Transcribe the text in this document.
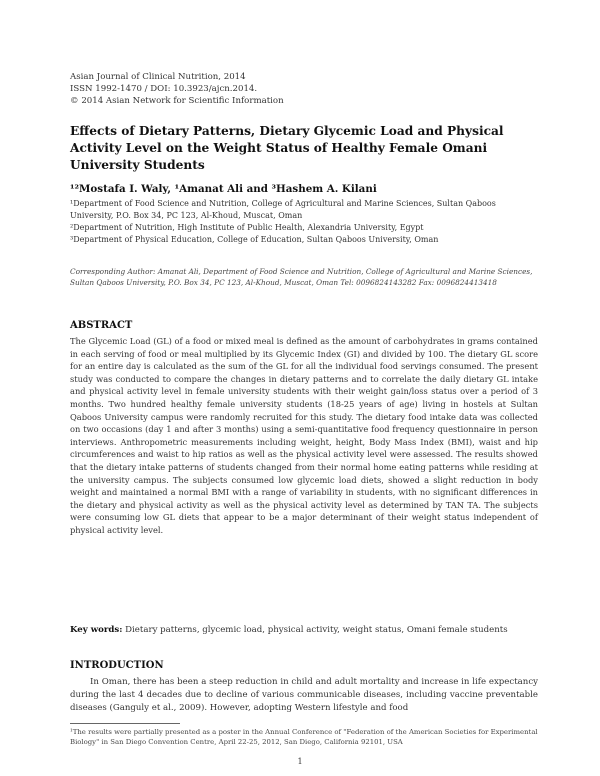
Asian Journal of Clinical Nutrition, 2014
ISSN 1992-1470 / DOI: 10.3923/ajcn.2014.
© 2014 Asian Network for Scientific Information
Effects of Dietary Patterns, Dietary Glycemic Load and Physical Activity Level on the Weight Status of Healthy Female Omani University Students
¹²Mostafa I. Waly, ¹Amanat Ali and ³Hashem A. Kilani
¹Department of Food Science and Nutrition, College of Agricultural and Marine Sciences, Sultan Qaboos University, P.O. Box 34, PC 123, Al-Khoud, Muscat, Oman
²Department of Nutrition, High Institute of Public Health, Alexandria University, Egypt
³Department of Physical Education, College of Education, Sultan Qaboos University, Oman
Corresponding Author: Amanat Ali, Department of Food Science and Nutrition, College of Agricultural and Marine Sciences, Sultan Qaboos University, P.O. Box 34, PC 123, Al-Khoud, Muscat, Oman Tel: 0096824143282 Fax: 0096824413418
ABSTRACT
The Glycemic Load (GL) of a food or mixed meal is defined as the amount of carbohydrates in grams contained in each serving of food or meal multiplied by its Glycemic Index (GI) and divided by 100. The dietary GL score for an entire day is calculated as the sum of the GL for all the individual food servings consumed. The present study was conducted to compare the changes in dietary patterns and to correlate the daily dietary GL intake and physical activity level in female university students with their weight gain/loss status over a period of 3 months. Two hundred healthy female university students (18-25 years of age) living in hostels at Sultan Qaboos University campus were randomly recruited for this study. The dietary food intake data was collected on two occasions (day 1 and after 3 months) using a semi-quantitative food frequency questionnaire in person interviews. Anthropometric measurements including weight, height, Body Mass Index (BMI), waist and hip circumferences and waist to hip ratios as well as the physical activity level were assessed. The results showed that the dietary intake patterns of students changed from their normal home eating patterns while residing at the university campus. The subjects consumed low glycemic load diets, showed a slight reduction in body weight and maintained a normal BMI with a range of variability in students, with no significant differences in the dietary and physical activity as well as the physical activity level as determined by TAN TA. The subjects were consuming low GL diets that appear to be a major determinant of their weight status independent of physical activity level.
Key words: Dietary patterns, glycemic load, physical activity, weight status, Omani female students
INTRODUCTION
In Oman, there has been a steep reduction in child and adult mortality and increase in life expectancy during the last 4 decades due to decline of various communicable diseases, including vaccine preventable diseases (Ganguly et al., 2009). However, adopting Western lifestyle and food
¹The results were partially presented as a poster in the Annual Conference of "Federation of the American Societies for Experimental Biology" in San Diego Convention Centre, April 22-25, 2012, San Diego, California 92101, USA
1
